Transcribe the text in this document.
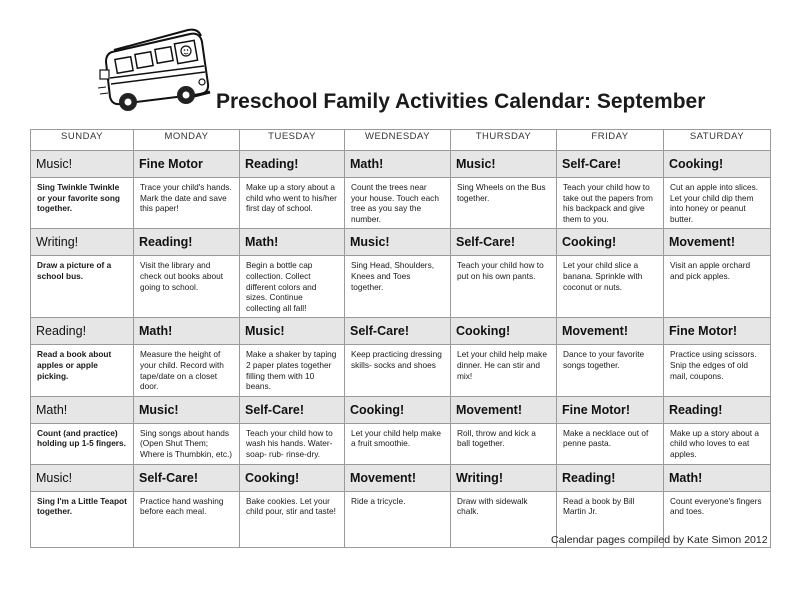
Preschool Family Activities Calendar: September
SUNDAY	MONDAY	TUESDAY	WEDNESDAY	THURSDAY	FRIDAY	SATURDAY
Music!	Fine Motor	Reading!	Math!	Music!	Self-Care!	Cooking!
Sing Twinkle Twinkle or your favorite song together.	Trace your child's hands. Mark the date and save this paper!	Make up a story about a child who went to his/her first day of school.	Count the trees near your house. Touch each tree as you say the number.	Sing Wheels on the Bus together.	Teach your child how to take out the papers from his backpack and give them to you.	Cut an apple into slices. Let your child dip them into honey or peanut butter.
Writing!	Reading!	Math!	Music!	Self-Care!	Cooking!	Movement!
Draw a picture of a school bus.	Visit the library and check out books about going to school.	Begin a bottle cap collection. Collect different colors and sizes. Continue collecting all fall!	Sing Head, Shoulders, Knees and Toes together.	Teach your child how to put on his own pants.	Let your child slice a banana. Sprinkle with coconut or nuts.	Visit an apple orchard and pick apples.
Reading!	Math!	Music!	Self-Care!	Cooking!	Movement!	Fine Motor!
Read a book about apples or apple picking.	Measure the height of your child. Record with tape/date on a closet door.	Make a shaker by taping 2 paper plates together filling them with 10 beans.	Keep practicing dressing skills- socks and shoes	Let your child help make dinner. He can stir and mix!	Dance to your favorite songs together.	Practice using scissors. Snip the edges of old mail, coupons.
Math!	Music!	Self-Care!	Cooking!	Movement!	Fine Motor!	Reading!
Count (and practice) holding up 1-5 fingers.	Sing songs about hands (Open Shut Them; Where is Thumbkin, etc.)	Teach your child how to wash his hands. Water- soap- rub- rinse-dry.	Let your child help make a fruit smoothie.	Roll, throw and kick a ball together.	Make a necklace out of penne pasta.	Make up a story about a child who loves to eat apples.
Music!	Self-Care!	Cooking!	Movement!	Writing!	Reading!	Math!
Sing I'm a Little Teapot together.	Practice hand washing before each meal.	Bake cookies. Let your child pour, stir and taste!	Ride a tricycle.	Draw with sidewalk chalk.	Read a book by Bill Martin Jr.	Count everyone's fingers and toes.
Calendar pages compiled by Kate Simon 2012
